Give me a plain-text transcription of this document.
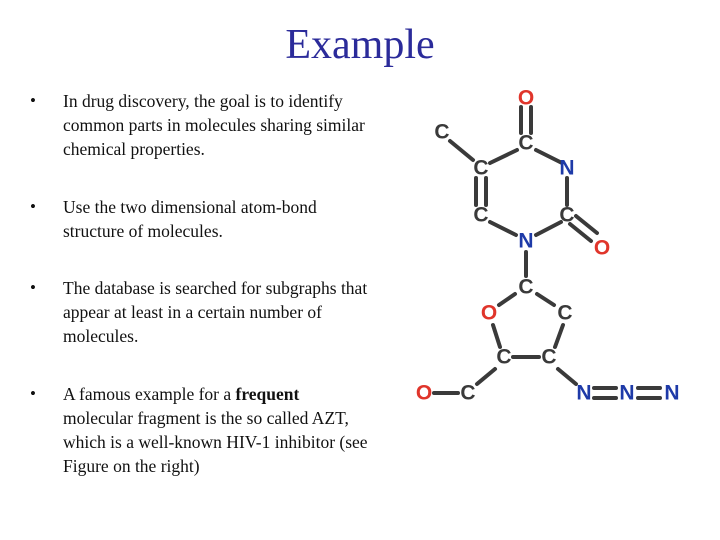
Example
• In drug discovery, the goal is to identify common parts in molecules sharing similar chemical properties.
• Use the two dimensional atom-bond structure of molecules.
• The database is searched for subgraphs that appear at least in a certain number of molecules.
• A famous example for a frequent molecular fragment is the so called AZT, which is a well-known HIV-1 inhibitor (see Figure on the right)
O
C	C
N
C
C	C
O
N
C
O	C
C C
O C	N N N
